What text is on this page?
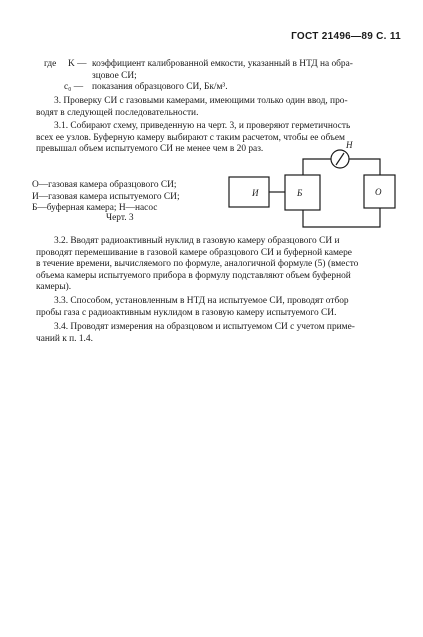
ГОСТ 21496—89 С. 11
где K — коэффициент калиброванной емкости, указанный в НТД на обра-
зцовое СИ;
c₀ — показания образцового СИ, Бк/м³.
3. Проверку СИ с газовыми камерами, имеющими только один ввод, про-
водят в следующей последовательности.
3.1. Собирают схему, приведенную на черт. 3, и проверяют герметичность
всех ее узлов. Буферную камеру выбирают с таким расчетом, чтобы ее объем
превышал объем испытуемого СИ не менее чем в 20 раз.
О—газовая камера образцового СИ;
И—газовая камера испытуемого СИ;
Б—буферная камера; Н—насос
Черт. 3
И	Б	О
Н
3.2. Вводят радиоактивный нуклид в газовую камеру образцового СИ и
проводят перемешивание в газовой камере образцового СИ и буферной камере
в течение времени, вычисляемого по формуле, аналогичной формуле (5) (вместо
объема камеры испытуемого прибора в формулу подставляют объем буферной
камеры).
3.3. Способом, установленным в НТД на испытуемое СИ, проводят отбор
пробы газа с радиоактивным нуклидом в газовую камеру испытуемого СИ.
3.4. Проводят измерения на образцовом и испытуемом СИ с учетом приме-
чаний к п. 1.4.
